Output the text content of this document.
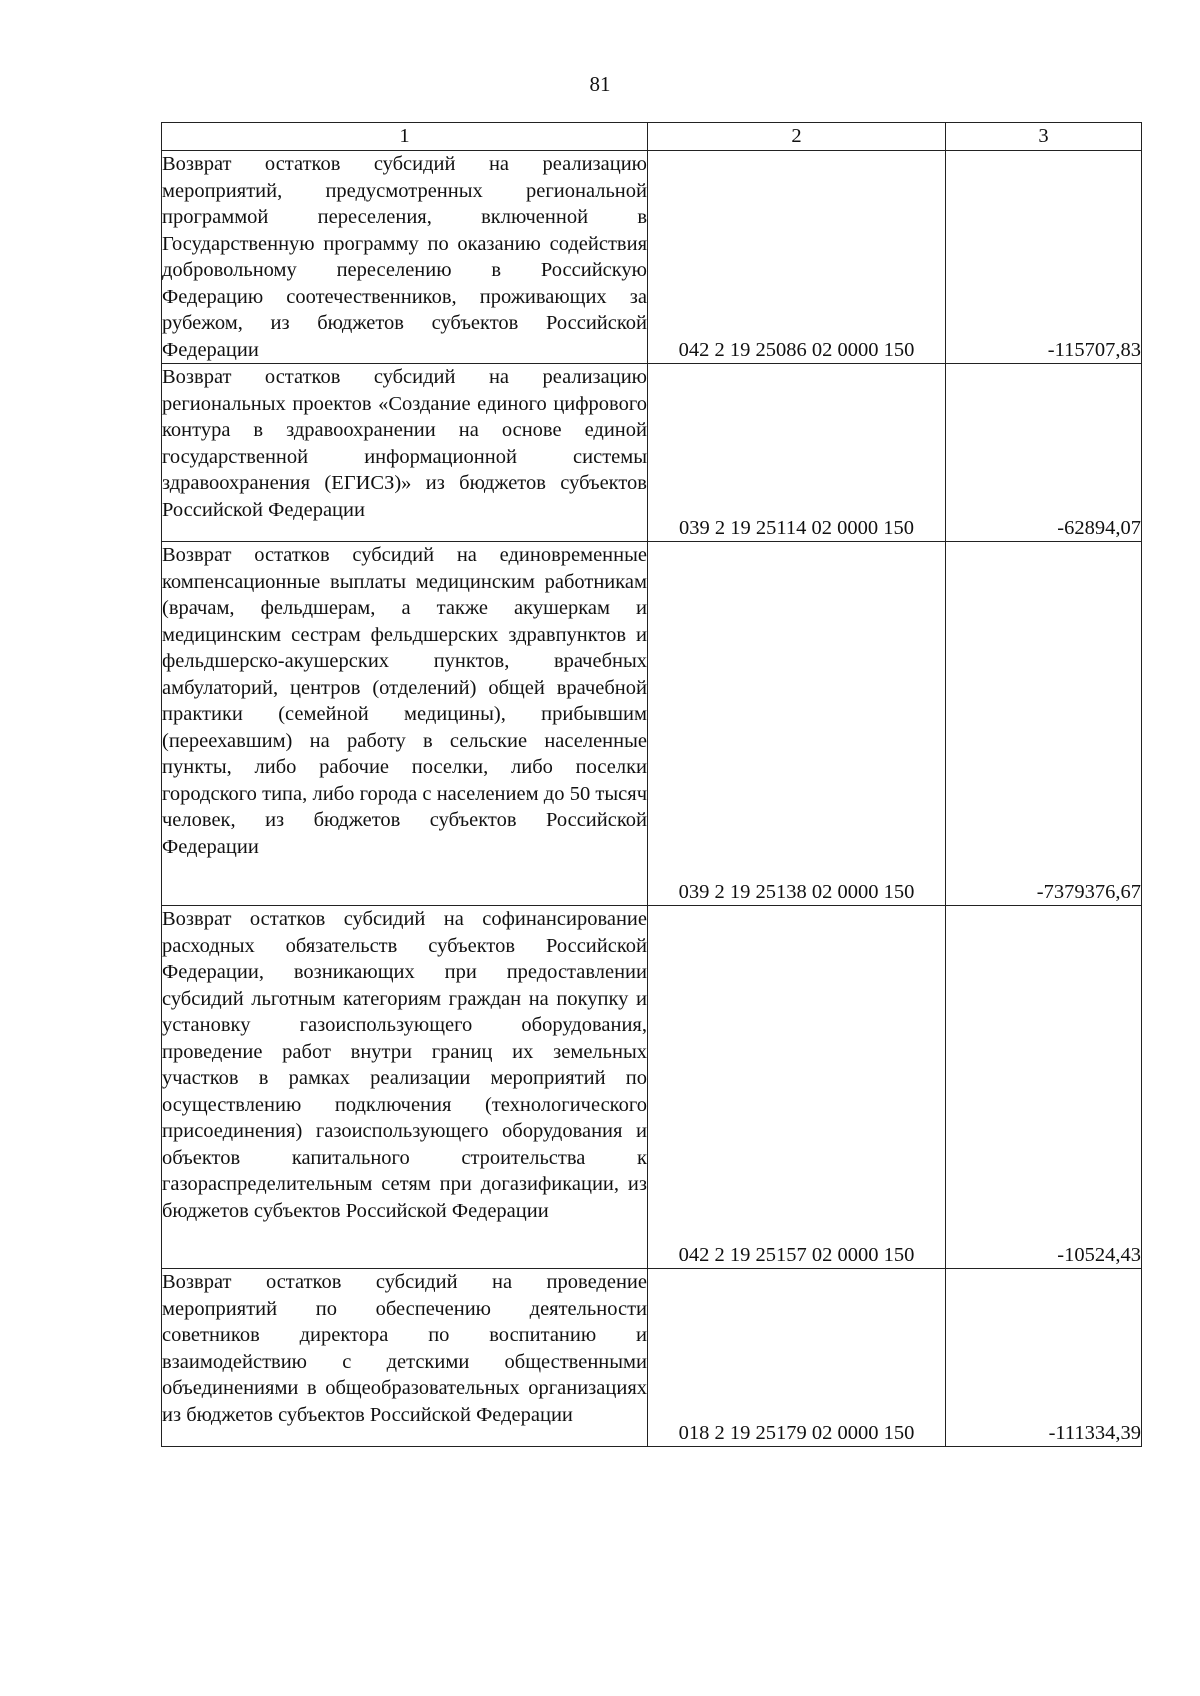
81
1	2	3
Возврат остатков субсидий на реализацию мероприятий, предусмотренных региональной программой переселения, включенной в Государственную программу по оказанию содействия добровольному переселению в Российскую Федерацию соотечественников, проживающих за рубежом, из бюджетов субъектов Российской Федерации	042 2 19 25086 02 0000 150	-115707,83
Возврат остатков субсидий на реализацию региональных проектов «Создание единого цифрового контура в здравоохранении на основе единой государственной информационной системы здравоохранения (ЕГИСЗ)» из бюджетов субъектов Российской Федерации	039 2 19 25114 02 0000 150	-62894,07
Возврат остатков субсидий на единовременные компенсационные выплаты медицинским работникам (врачам, фельдшерам, а также акушеркам и медицинским сестрам фельдшерских здравпунктов и фельдшерско-акушерских пунктов, врачебных амбулаторий, центров (отделений) общей врачебной практики (семейной медицины), прибывшим (переехавшим) на работу в сельские населенные пункты, либо рабочие поселки, либо поселки городского типа, либо города с населением до 50 тысяч человек, из бюджетов субъектов Российской Федерации	039 2 19 25138 02 0000 150	-7379376,67
Возврат остатков субсидий на софинансирование расходных обязательств субъектов Российской Федерации, возникающих при предоставлении субсидий льготным категориям граждан на покупку и установку газоиспользующего оборудования, проведение работ внутри границ их земельных участков в рамках реализации мероприятий по осуществлению подключения (технологического присоединения) газоиспользующего оборудования и объектов капитального строительства к газораспределительным сетям при догазификации, из бюджетов субъектов Российской Федерации	042 2 19 25157 02 0000 150	-10524,43
Возврат остатков субсидий на проведение мероприятий по обеспечению деятельности советников директора по воспитанию и взаимодействию с детскими общественными объединениями в общеобразовательных организациях из бюджетов субъектов Российской Федерации	018 2 19 25179 02 0000 150	-111334,39
